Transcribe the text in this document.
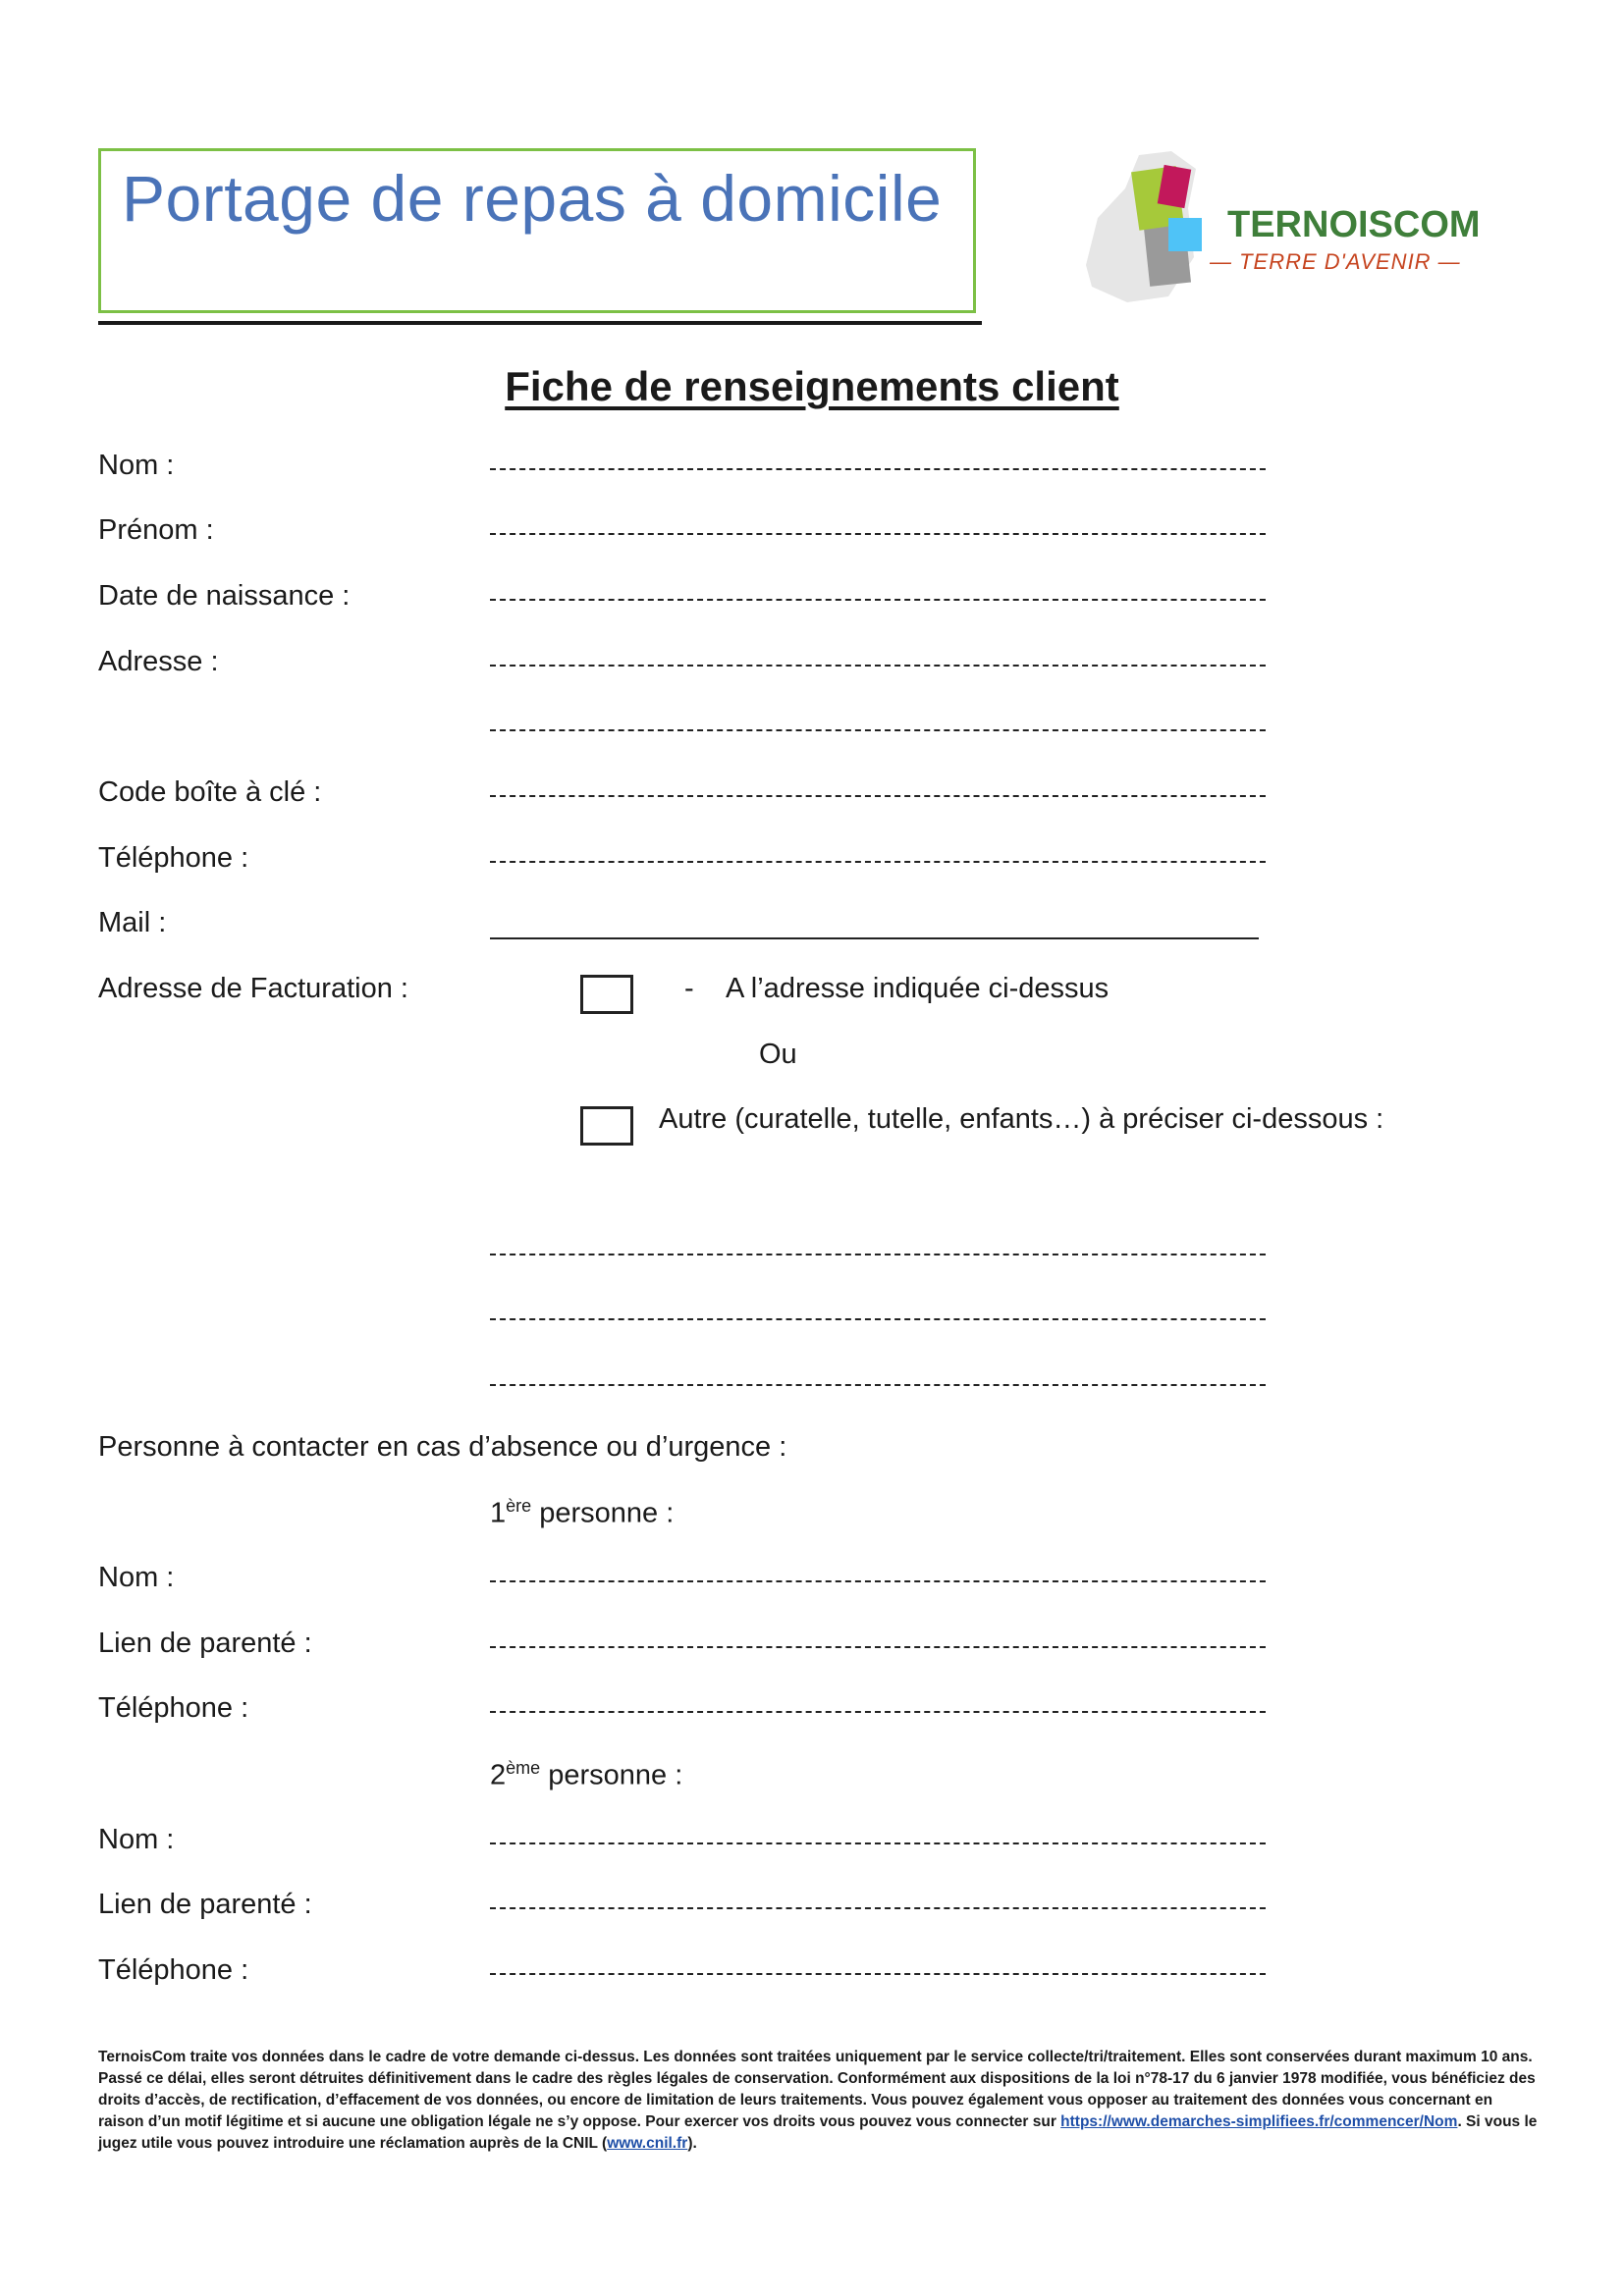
Portage de repas à domicile	TERNOISCOM
— TERRE D'AVENIR —
Fiche de renseignements client
Nom :
Prénom :
Date de naissance :
Adresse :
Code boîte à clé :
Téléphone :
Mail :
Adresse de Facturation :	- A l’adresse indiquée ci-dessus
Ou
Autre (curatelle, tutelle, enfants…) à préciser ci-dessous :
Personne à contacter en cas d’absence ou d’urgence :
1ère personne :
Nom :
Lien de parenté :
Téléphone :
2ème personne :
Nom :
Lien de parenté :
Téléphone :
TernoisCom traite vos données dans le cadre de votre demande ci-dessus. Les données sont traitées uniquement par le service collecte/tri/traitement. Elles sont conservées durant maximum 10 ans. Passé ce délai, elles seront détruites définitivement dans le cadre des règles légales de conservation. Conformément aux dispositions de la loi n°78-17 du 6 janvier 1978 modifiée, vous bénéficiez des droits d’accès, de rectification, d’effacement de vos données, ou encore de limitation de leurs traitements. Vous pouvez également vous opposer au traitement des données vous concernant en raison d’un motif légitime et si aucune une obligation légale ne s’y oppose. Pour exercer vos droits vous pouvez vous connecter sur https://www.demarches-simplifiees.fr/commencer/Nom. Si vous le jugez utile vous pouvez introduire une réclamation auprès de la CNIL (www.cnil.fr).
